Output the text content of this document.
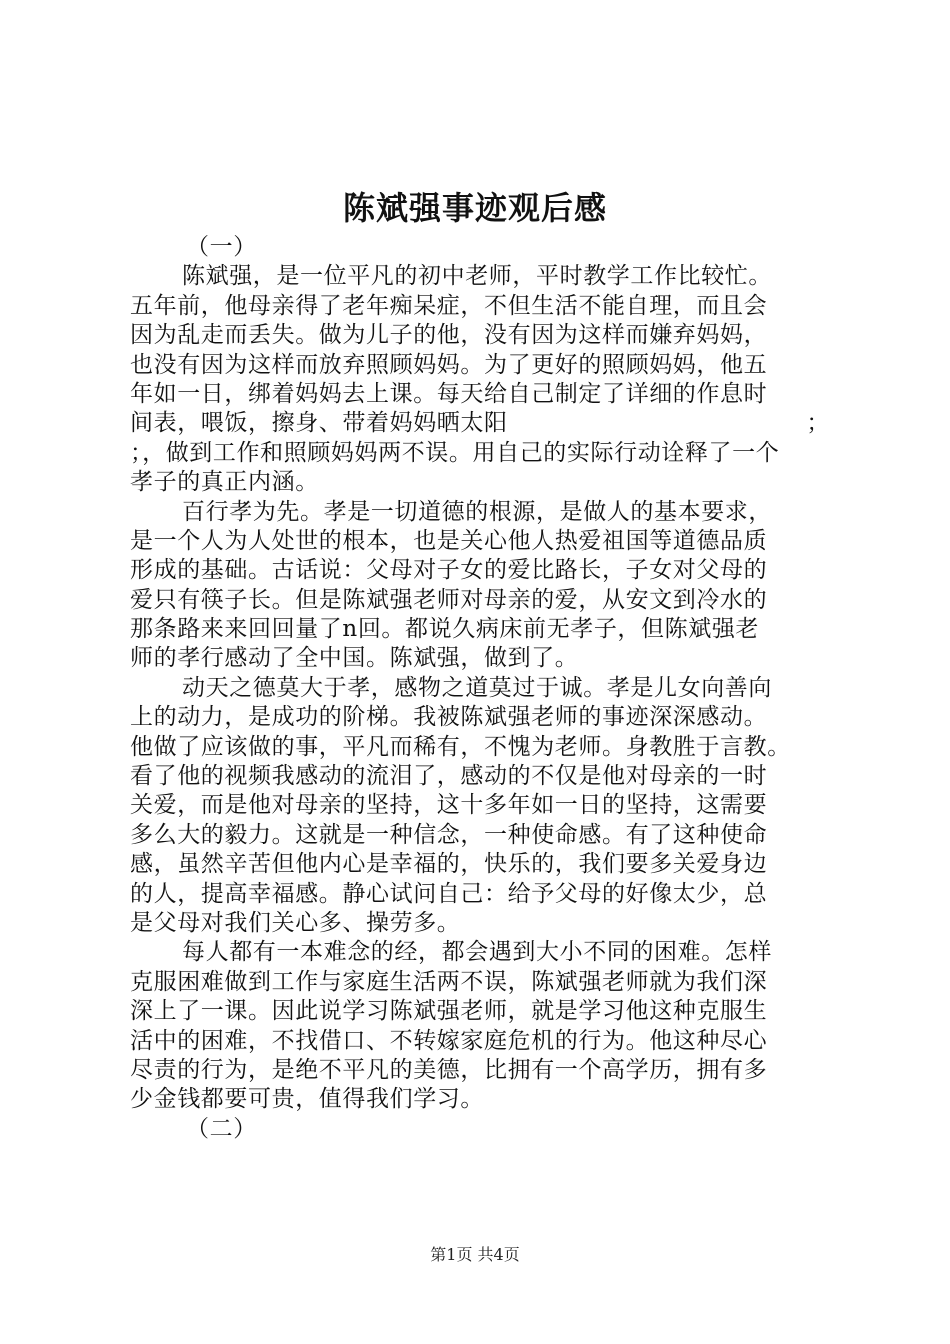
陈斌强事迹观后感
（一）
陈斌强，是一位平凡的初中老师，平时教学工作比较忙。
五年前，他母亲得了老年痴呆症，不但生活不能自理，而且会
因为乱走而丢失。做为儿子的他，没有因为这样而嫌弃妈妈，
也没有因为这样而放弃照顾妈妈。为了更好的照顾妈妈，他五
年如一日，绑着妈妈去上课。每天给自己制定了详细的作息时
间表，喂饭，擦身、带着妈妈晒太阳	；
；，做到工作和照顾妈妈两不误。用自己的实际行动诠释了一个
孝子的真正内涵。
百行孝为先。孝是一切道德的根源，是做人的基本要求，
是一个人为人处世的根本，也是关心他人热爱祖国等道德品质
形成的基础。古话说：父母对子女的爱比路长，子女对父母的
爱只有筷子长。但是陈斌强老师对母亲的爱，从安文到冷水的
那条路来来回回量了n回。都说久病床前无孝子，但陈斌强老
师的孝行感动了全中国。陈斌强，做到了。
动天之德莫大于孝，感物之道莫过于诚。孝是儿女向善向
上的动力，是成功的阶梯。我被陈斌强老师的事迹深深感动。
他做了应该做的事，平凡而稀有，不愧为老师。身教胜于言教。
看了他的视频我感动的流泪了，感动的不仅是他对母亲的一时
关爱，而是他对母亲的坚持，这十多年如一日的坚持，这需要
多么大的毅力。这就是一种信念，一种使命感。有了这种使命
感，虽然辛苦但他内心是幸福的，快乐的，我们要多关爱身边
的人，提高幸福感。静心试问自己：给予父母的好像太少，总
是父母对我们关心多、操劳多。
每人都有一本难念的经，都会遇到大小不同的困难。怎样
克服困难做到工作与家庭生活两不误，陈斌强老师就为我们深
深上了一课。因此说学习陈斌强老师，就是学习他这种克服生
活中的困难，不找借口、不转嫁家庭危机的行为。他这种尽心
尽责的行为，是绝不平凡的美德，比拥有一个高学历，拥有多
少金钱都要可贵，值得我们学习。
（二）
第1页 共4页
